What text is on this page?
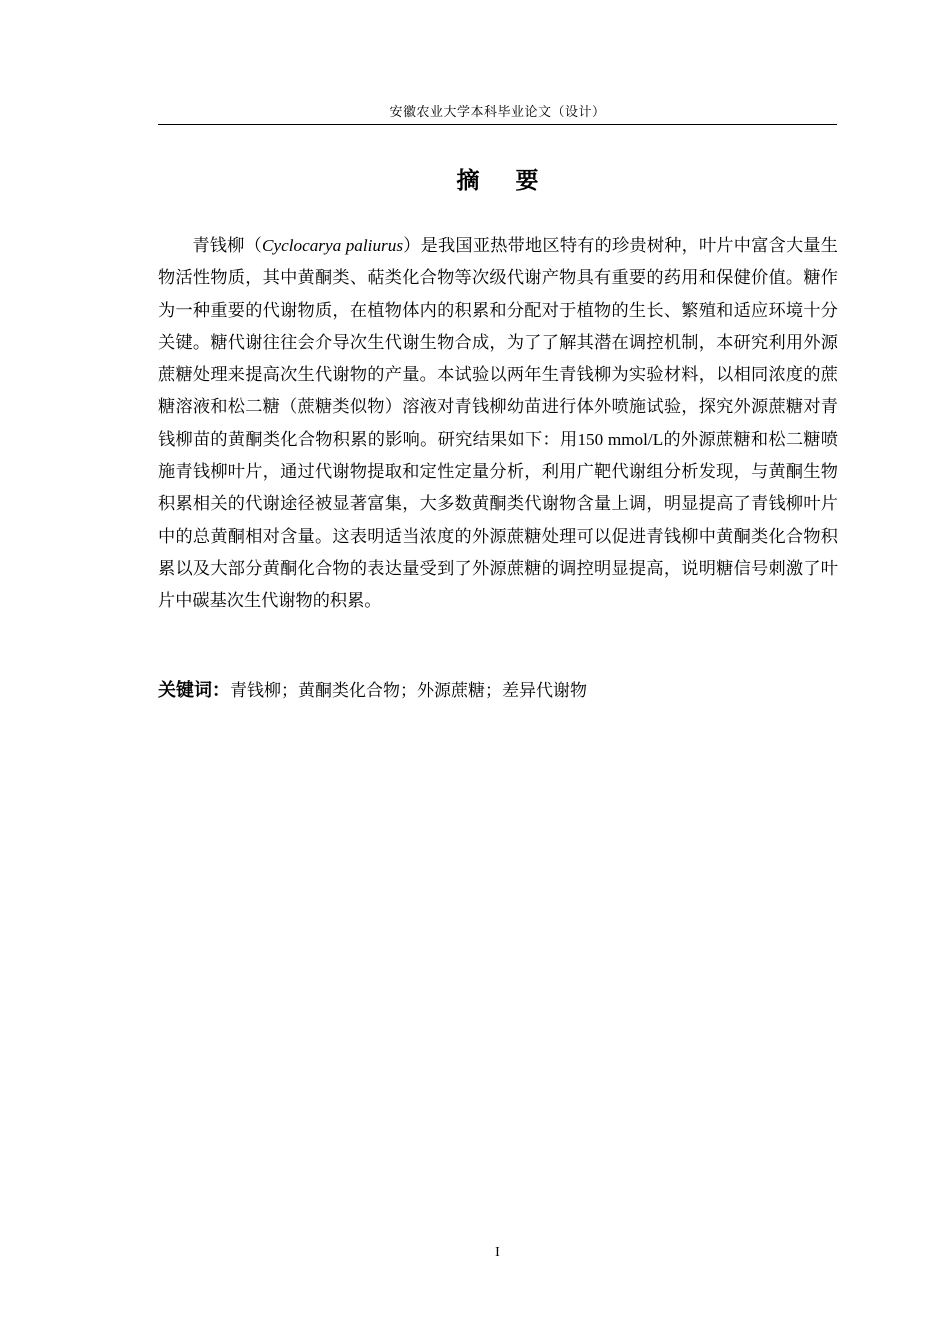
安徽农业大学本科毕业论文（设计）
摘 要

青钱柳（Cyclocarya paliurus）是我国亚热带地区特有的珍贵树种，叶片中富含大量生物活性物质，其中黄酮类、萜类化合物等次级代谢产物具有重要的药用和保健价值。糖作为一种重要的代谢物质，在植物体内的积累和分配对于植物的生长、繁殖和适应环境十分关键。糖代谢往往会介导次生代谢生物合成，为了了解其潜在调控机制，本研究利用外源蔗糖处理来提高次生代谢物的产量。本试验以两年生青钱柳为实验材料，以相同浓度的蔗糖溶液和松二糖（蔗糖类似物）溶液对青钱柳幼苗进行体外喷施试验，探究外源蔗糖对青钱柳苗的黄酮类化合物积累的影响。研究结果如下：用150 mmol/L的外源蔗糖和松二糖喷施青钱柳叶片，通过代谢物提取和定性定量分析，利用广靶代谢组分析发现，与黄酮生物积累相关的代谢途径被显著富集，大多数黄酮类代谢物含量上调，明显提高了青钱柳叶片中的总黄酮相对含量。这表明适当浓度的外源蔗糖处理可以促进青钱柳中黄酮类化合物积累以及大部分黄酮化合物的表达量受到了外源蔗糖的调控明显提高，说明糖信号刺激了叶片中碳基次生代谢物的积累。

关键词：青钱柳；黄酮类化合物；外源蔗糖；差异代谢物

I
